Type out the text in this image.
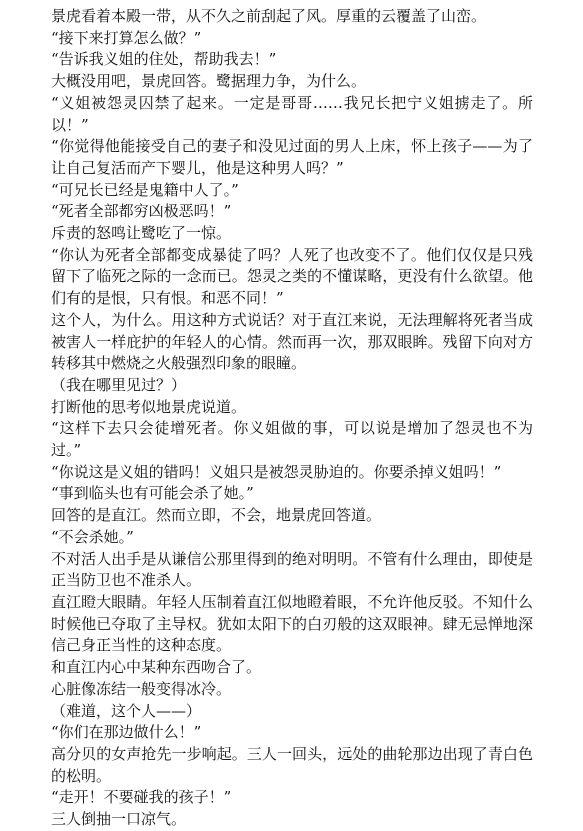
景虎看着本殿一带，从不久之前刮起了风。厚重的云覆盖了山峦。

“接下来打算怎么做？”

“告诉我义姐的住处，帮助我去！”

大概没用吧，景虎回答。鹭据理力争，为什么。

“义姐被怨灵囚禁了起来。一定是哥哥……我兄长把宁义姐掳走了。所以！”

“你觉得他能接受自己的妻子和没见过面的男人上床，怀上孩子——为了让自己复活而产下婴儿，他是这种男人吗？”

“可兄长已经是鬼籍中人了。”

“死者全部都穷凶极恶吗！”

斥责的怒鸣让鹭吃了一惊。

“你认为死者全部都变成暴徒了吗？人死了也改变不了。他们仅仅是只残留下了临死之际的一念而已。怨灵之类的不懂谋略，更没有什么欲望。他们有的是恨，只有恨。和恶不同！”

这个人，为什么。用这种方式说话？对于直江来说，无法理解将死者当成被害人一样庇护的年轻人的心情。然而再一次，那双眼眸。残留下向对方转移其中燃烧之火般强烈印象的眼瞳。

（我在哪里见过？）

打断他的思考似地景虎说道。

“这样下去只会徒增死者。你义姐做的事，可以说是增加了怨灵也不为过。”

“你说这是义姐的错吗！义姐只是被怨灵胁迫的。你要杀掉义姐吗！”

“事到临头也有可能会杀了她。”

回答的是直江。然而立即，不会，地景虎回答道。

“不会杀她。”

不对活人出手是从谦信公那里得到的绝对明明。不管有什么理由，即使是正当防卫也不准杀人。

直江瞪大眼睛。年轻人压制着直江似地瞪着眼，不允许他反驳。不知什么时候他已夺取了主导权。犹如太阳下的白刃般的这双眼神。肆无忌惮地深信己身正当性的这种态度。

和直江内心中某种东西吻合了。

心脏像冻结一般变得冰冷。

（难道，这个人——）

“你们在那边做什么！”

高分贝的女声抢先一步响起。三人一回头，远处的曲轮那边出现了青白色的松明。

“走开！不要碰我的孩子！”

三人倒抽一口凉气。
